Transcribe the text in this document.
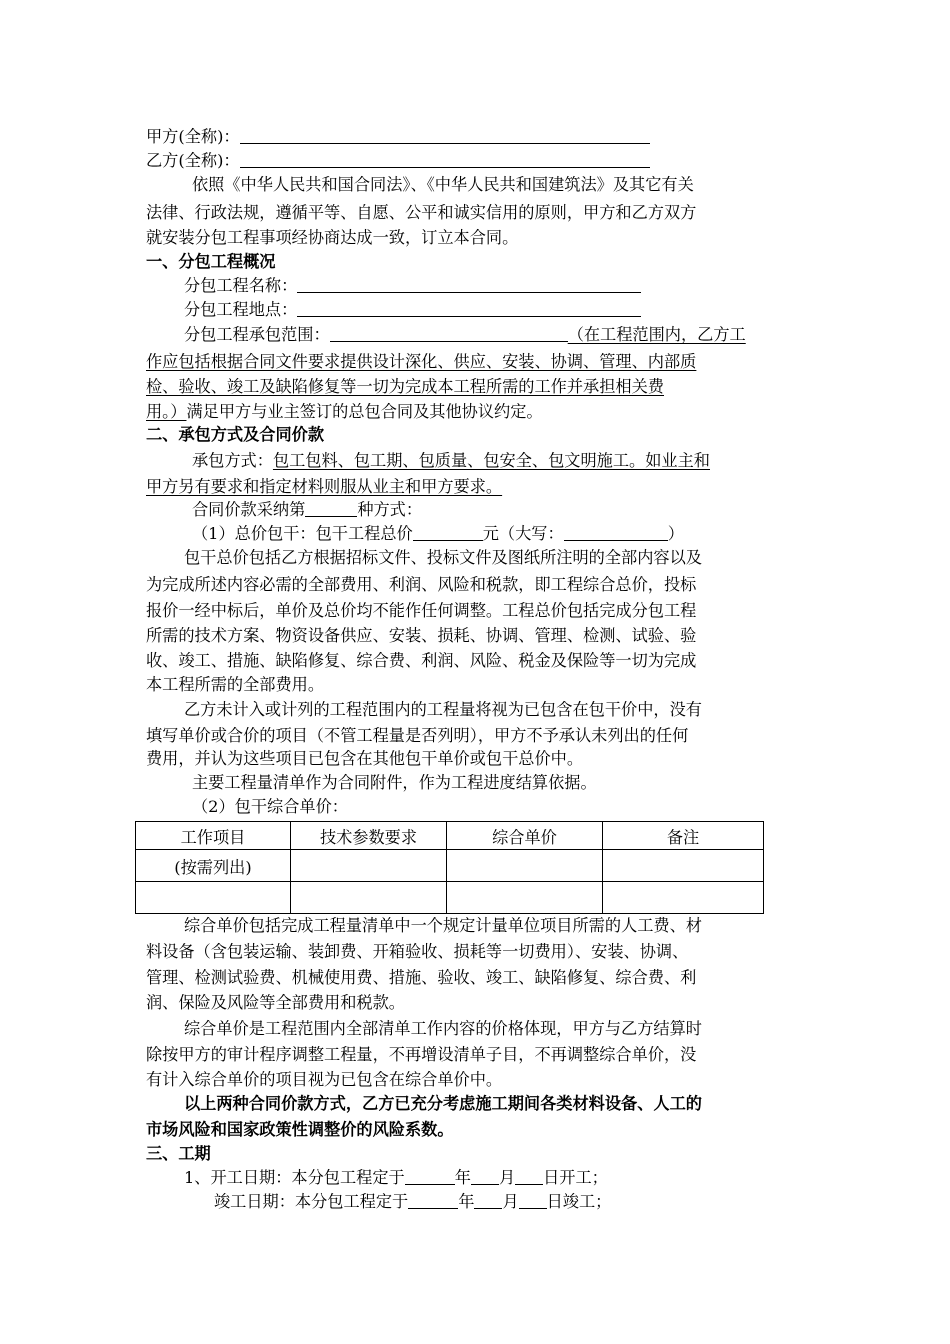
甲方(全称)：
乙方(全称)：
依照《中华人民共和国合同法》、《中华人民共和国建筑法》及其它有关
法律、行政法规，遵循平等、自愿、公平和诚实信用的原则，甲方和乙方双方
就安装分包工程事项经协商达成一致，订立本合同。
一、分包工程概况
分包工程名称：
分包工程地点：
分包工程承包范围：	（在工程范围内，乙方工
作应包括根据合同文件要求提供设计深化、供应、安装、协调、管理、内部质
检、验收、竣工及缺陷修复等一切为完成本工程所需的工作并承担相关费
用。）满足甲方与业主签订的总包合同及其他协议约定。
二、承包方式及合同价款
承包方式：包工包料、包工期、包质量、包安全、包文明施工。如业主和
甲方另有要求和指定材料则服从业主和甲方要求。
合同价款采纳第	种方式：
（1）总价包干：包干工程总价	元（大写：	）
包干总价包括乙方根据招标文件、投标文件及图纸所注明的全部内容以及
为完成所述内容必需的全部费用、利润、风险和税款，即工程综合总价，投标
报价一经中标后，单价及总价均不能作任何调整。工程总价包括完成分包工程
所需的技术方案、物资设备供应、安装、损耗、协调、管理、检测、试验、验
收、竣工、措施、缺陷修复、综合费、利润、风险、税金及保险等一切为完成
本工程所需的全部费用。
乙方未计入或计列的工程范围内的工程量将视为已包含在包干价中，没有
填写单价或合价的项目（不管工程量是否列明），甲方不予承认未列出的任何
费用，并认为这些项目已包含在其他包干单价或包干总价中。
主要工程量清单作为合同附件，作为工程进度结算依据。
（2）包干综合单价：
工作项目	技术参数要求	综合单价	备注
(按需列出)			

综合单价包括完成工程量清单中一个规定计量单位项目所需的人工费、材
料设备（含包装运输、装卸费、开箱验收、损耗等一切费用）、安装、协调、
管理、检测试验费、机械使用费、措施、验收、竣工、缺陷修复、综合费、利
润、保险及风险等全部费用和税款。
综合单价是工程范围内全部清单工作内容的价格体现，甲方与乙方结算时
除按甲方的审计程序调整工程量，不再增设清单子目，不再调整综合单价，没
有计入综合单价的项目视为已包含在综合单价中。
以上两种合同价款方式，乙方已充分考虑施工期间各类材料设备、人工的
市场风险和国家政策性调整价的风险系数。
三、工期
1、开工日期：本分包工程定于	年 月 日开工；
竣工日期：本分包工程定于	年 月 日竣工；
